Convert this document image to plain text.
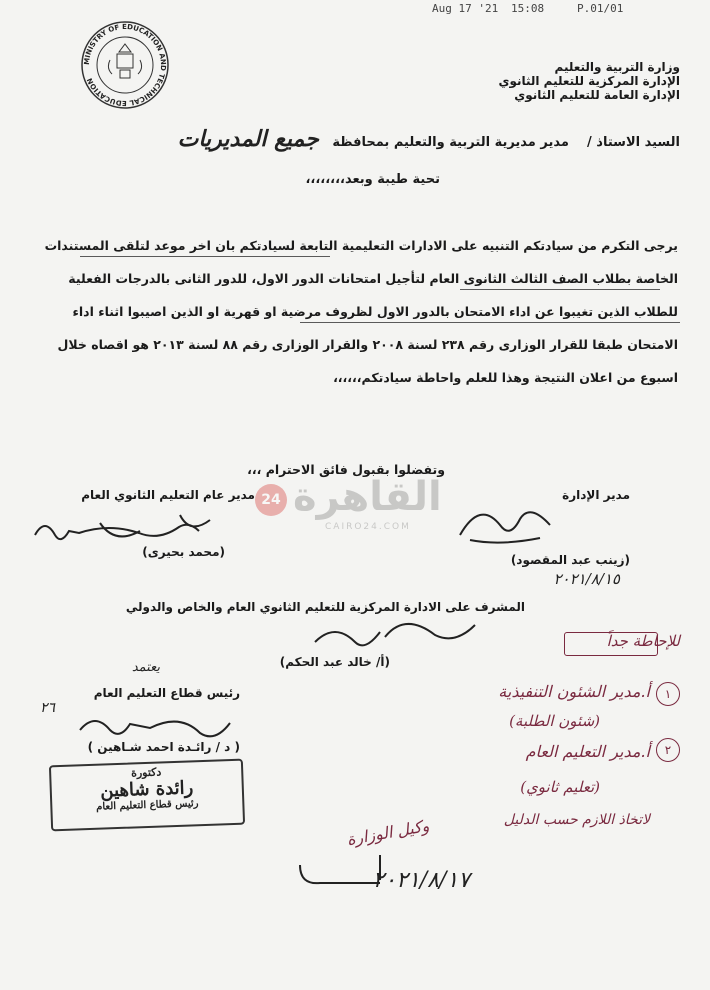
Aug 17 '21 15:08	P.01/01
وزارة التربية والتعليم
الإدارة المركزية للتعليم الثانوي
الإدارة العامة للتعليم الثانوي
MINISTRY OF EDUCATION AND TECHNICAL EDUCATION
السيد الاستاذ /    مدير مديرية التربية والتعليم بمحافظة   جميع المديريات
تحية طيبة وبعد،،،،،،،،
يرجى التكرم من سيادتكم التنبيه على الادارات التعليمية التابعة لسيادتكم بان اخر موعد لتلقى المستندات
الخاصة بطلاب الصف الثالث الثانوى العام لتأجيل امتحانات الدور الاول، للدور الثانى بالدرجات الفعلية
للطلاب الذين تغيبوا عن اداء الامتحان بالدور الاول لظروف مرضية او قهرية او الذين اصيبوا اثناء اداء
الامتحان طبقا للقرار الوزارى رقم ٢٣٨ لسنة ٢٠٠٨ والقرار الوزارى رقم ٨٨ لسنة ٢٠١٣ هو اقصاه خلال
اسبوع من اعلان النتيجة وهذا للعلم واحاطة سيادتكم،،،،،،
وتفضلوا بقبول فائق الاحترام ،،،
24 القاهرة
CAIRO24.COM
مدير عام التعليم الثانوي العام
(محمد بحيرى)
مدير الإدارة
(زينب عبد المقصود)
٢٠٢١/٨/١٥
المشرف على الادارة المركزية للتعليم الثانوي العام والخاص والدولي
(أ/ خالد عبد الحكم)
يعتمد
رئيس قطاع التعليم العام
٢٦
( د / رائـدة احمد شـاهين )
دكتورة
رائدة شاهين
رئيس قطاع التعليم العام
للإحاطة جداً
١
أ.مدير الشئون التنفيذية
(شئون الطلبة)
٢
أ.مدير التعليم العام
(تعليم ثانوي)
لاتخاذ اللازم حسب الدليل
وكيل الوزارة
٢٠٢١/٨/١٧
